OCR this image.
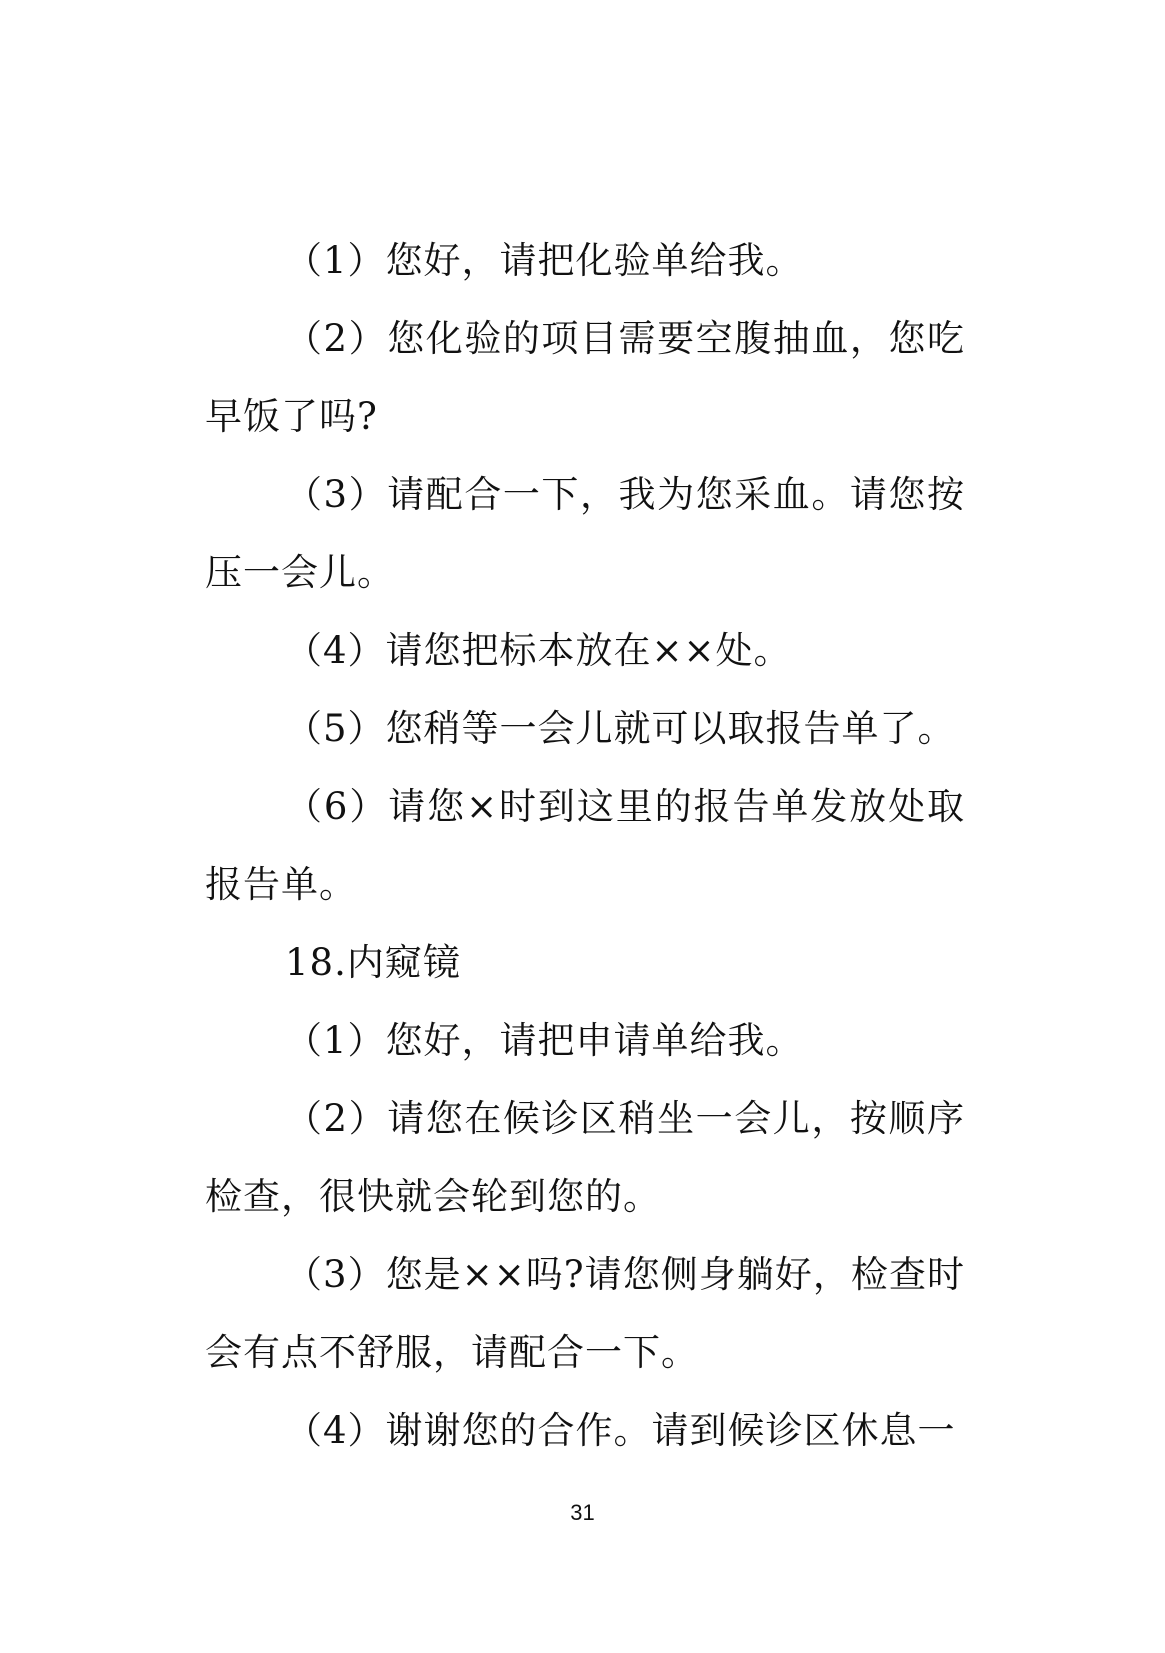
（1）您好，请把化验单给我。

（2）您化验的项目需要空腹抽血，您吃早饭了吗?

（3）请配合一下，我为您采血。请您按压一会儿。

（4）请您把标本放在××处。

（5）您稍等一会儿就可以取报告单了。

（6）请您×时到这里的报告单发放处取报告单。

18.内窥镜

（1）您好，请把申请单给我。

（2）请您在候诊区稍坐一会儿，按顺序检查，很快就会轮到您的。

（3）您是××吗?请您侧身躺好，检查时会有点不舒服，请配合一下。

（4）谢谢您的合作。请到候诊区休息一

31
